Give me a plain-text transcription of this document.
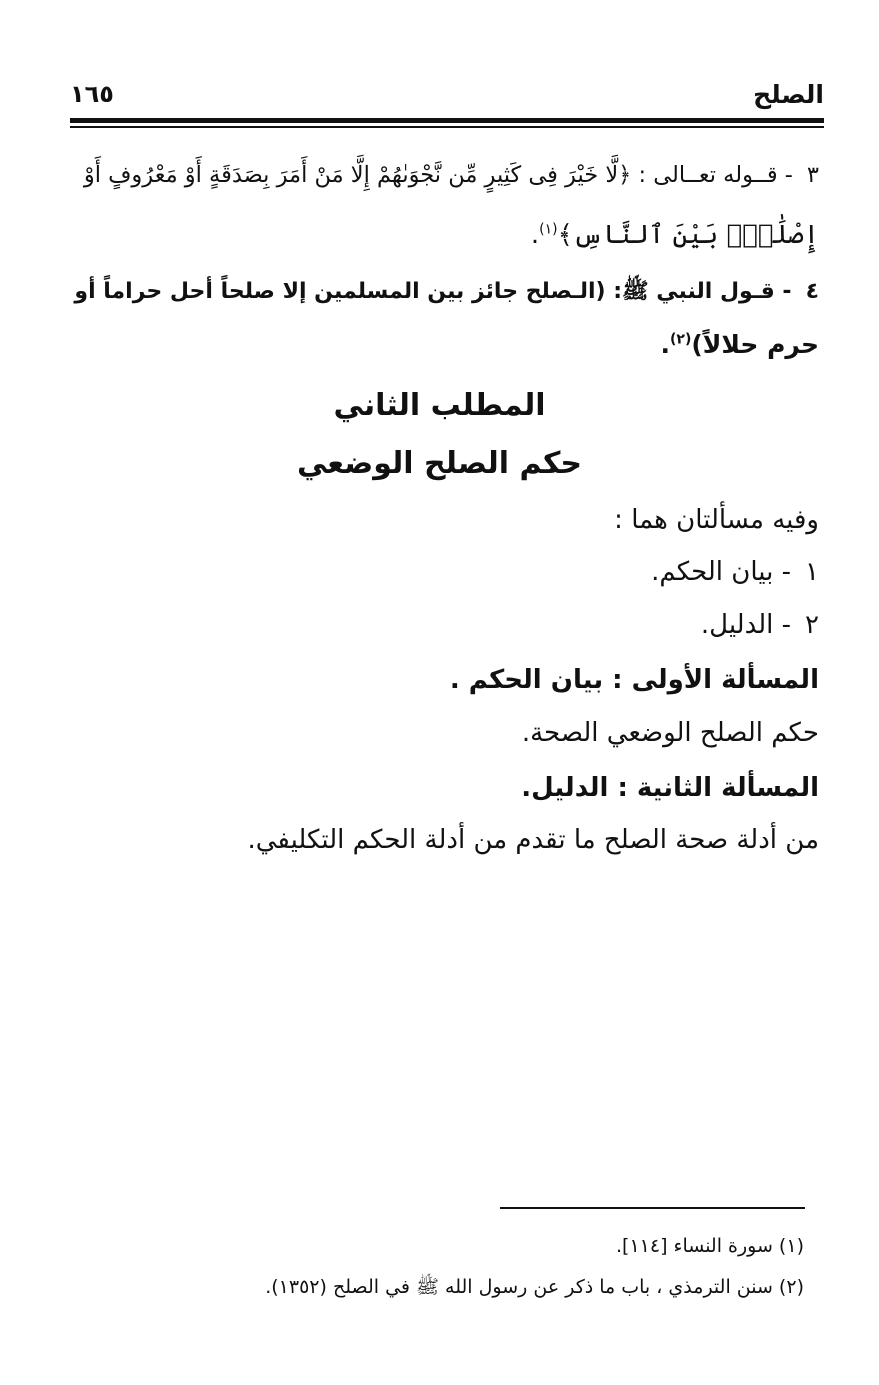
الصلح
١٦٥
٣- قــوله تعــالى : ﴿لَّا خَيْرَ فِى كَثِيرٍ مِّن نَّجْوَىٰهُمْ إِلَّا مَنْ أَمَرَ بِصَدَقَةٍ أَوْ مَعْرُوفٍ أَوْ
إِصْلَٰحٍۭ بَيْنَ ٱلنَّاسِ﴾$^{(١)}$.
٤- قـول النبي ﷺ: (الـصلح جائز بين المسلمين إلا صلحاً أحل حراماً أو
حرم حلالاً)$^{(٢)}$.
المطلب الثاني
حكم الصلح الوضعي
وفيه مسألتان هما :
١- بيان الحكم.
٢- الدليل.
المسألة الأولى : بيان الحكم .
حكم الصلح الوضعي الصحة.
المسألة الثانية : الدليل.
من أدلة صحة الصلح ما تقدم من أدلة الحكم التكليفي.
(١) سورة النساء [١١٤].
(٢) سنن الترمذي ، باب ما ذكر عن رسول الله ﷺ في الصلح (١٣٥٢).
